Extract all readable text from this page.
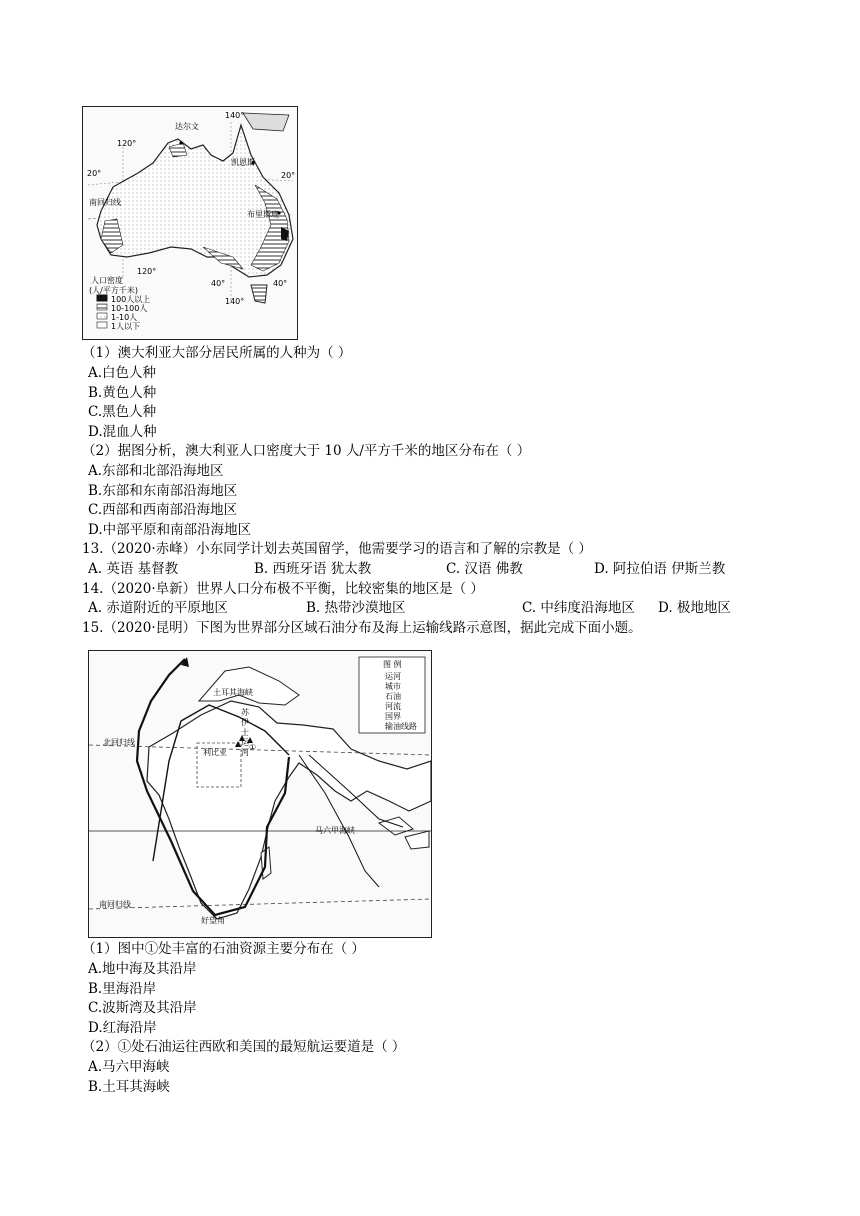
达尔文
凯恩斯
南回归线
布里斯班
120°
140°
20°	20°
120°
40°	40°
140°
人口密度
(人/平方千米)
100人以上
10-100人
1-10人
1人以下
（1）澳大利亚大部分居民所属的人种为（ ）
A.白色人种
B.黄色人种
C.黑色人种
D.混血人种
（2）据图分析，澳大利亚人口密度大于 10 人/平方千米的地区分布在（ ）
A.东部和北部沿海地区
B.东部和东南部沿海地区
C.西部和西南部沿海地区
D.中部平原和南部沿海地区
13.（2020·赤峰）小东同学计划去英国留学，他需要学习的语言和了解的宗教是（ ）
A. 英语 基督教	B. 西班牙语 犹太教	C. 汉语 佛教	D. 阿拉伯语 伊斯兰教
14.（2020·阜新）世界人口分布极不平衡，比较密集的地区是（ ）
A. 赤道附近的平原地区	B. 热带沙漠地区	C. 中纬度沿海地区 D. 极地地区
15.（2020·昆明）下图为世界部分区域石油分布及海上运输线路示意图，据此完成下面小题。
土耳其海峡
苏
伊
士
运
河
利比亚
北回归线
南回归线
马六甲海峡
好望角
①
图 例
运河
城市
石油
河流
国界
输油线路
（1）图中①处丰富的石油资源主要分布在（ ）
A.地中海及其沿岸
B.里海沿岸
C.波斯湾及其沿岸
D.红海沿岸
（2）①处石油运往西欧和美国的最短航运要道是（ ）
A.马六甲海峡
B.土耳其海峡
